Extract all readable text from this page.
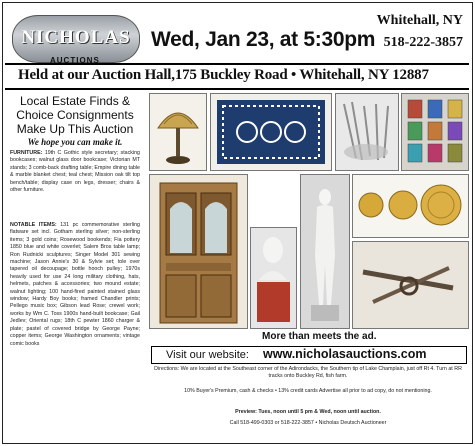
NICHOLAS
AUCTIONS
Wed, Jan 23, at 5:30pm
Whitehall, NY
518-222-3857
Held at our Auction Hall,175 Buckley Road • Whitehall, NY 12887
Local Estate Finds & Choice Consignments Make Up This Auction
We hope you can make it.
FURNITURE: 19th C Gothic style secretary; stacking bookcases; walnut glass door bookcase; Victorian MT stands; 3 comb-back drafting table; Empire dining table & marble blanket chest; teal chest; Mission oak tilt top bench/table; display case on legs, dresser; chairs & other furniture.
NOTABLE ITEMS: 131 pc commemorative sterling flatware set incl. Gotham sterling silver; non-sterling items; 3 gold coins; Rosewood bookends; Fia pottery 1850 blue and white coverlet; Salem Bros table lamp; Ron Rudnicki sculptures; Singer Model 301 sewing machine; Jason Annie's 30 & Sylvie set; tole over tapered oil decoupage; bottle hooch pulley; 1970s heavily used for use 24 long military clothing, hats, helmets, patches & accessories; two mound estate; walnut lighting; 100 hand-fired painted stained glass window; Hardy Boy books; framed Chandler prints; Pellego music box; Gibson lead Rose; crewel work; works by Wm C. Toss 1900s hand-built bookcase; Gail Jedlev; Oriental rugs; 18th C pewter 1860 charger & plate; pastel of covered bridge by George Payne; copper items; George Washington ornaments; vintage comic books
More than meets the ad.
Visit our website: www.nicholasauctions.com
Directions: We are located at the Southeast corner of the Adirondacks, the Southern tip of Lake Champlain, just off Rt 4. Turn at RR tracks onto Buckley Rd, fish farm.
10% Buyer's Premium, cash & checks • 13% credit cards Advertise all prior to ad copy, do not mentioning.
Preview: Tues, noon until 5 pm & Wed, noon until auction.
Call 518-499-0303 or 518-222-3857 • Nicholas Deutsch Auctioneer
